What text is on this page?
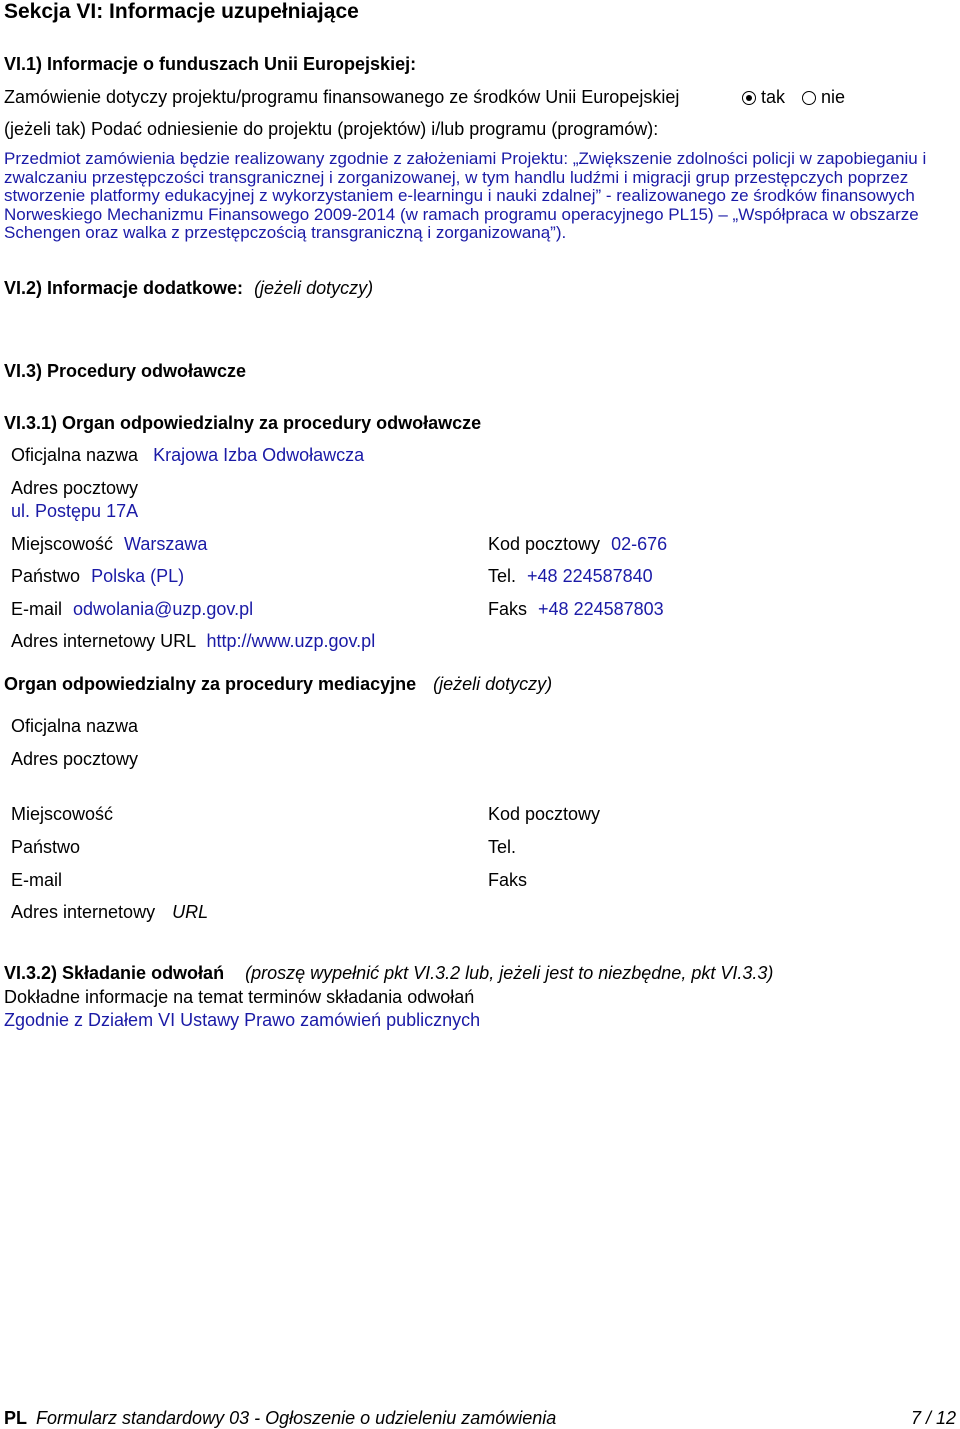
Sekcja VI: Informacje uzupełniające
VI.1) Informacje o funduszach Unii Europejskiej:
Zamówienie dotyczy projektu/programu finansowanego ze środków Unii Europejskiej	tak nie
(jeżeli tak) Podać odniesienie do projektu (projektów) i/lub programu (programów):
Przedmiot zamówienia będzie realizowany zgodnie z założeniami Projektu: „Zwiększenie zdolności policji w zapobieganiu i zwalczaniu przestępczości transgranicznej i zorganizowanej, w tym handlu ludźmi i migracji grup przestępczych poprzez stworzenie platformy edukacyjnej z wykorzystaniem e-learningu i nauki zdalnej” - realizowanego ze środków finansowych Norweskiego Mechanizmu Finansowego 2009-2014 (w ramach programu operacyjnego PL15) – „Współpraca w obszarze Schengen oraz walka z przestępczością transgraniczną i zorganizowaną”).
VI.2) Informacje dodatkowe: (jeżeli dotyczy)
VI.3) Procedury odwoławcze
VI.3.1) Organ odpowiedzialny za procedury odwoławcze
Oficjalna nazwa Krajowa Izba Odwoławcza
Adres pocztowy
ul. Postępu 17A
Miejscowość Warszawa	Kod pocztowy 02-676
Państwo Polska (PL)	Tel. +48 224587840
E-mail odwolania@uzp.gov.pl	Faks +48 224587803
Adres internetowy URL http://www.uzp.gov.pl
Organ odpowiedzialny za procedury mediacyjne (jeżeli dotyczy)
Oficjalna nazwa
Adres pocztowy
Miejscowość	Kod pocztowy
Państwo	Tel.
E-mail	Faks
Adres internetowy URL
VI.3.2) Składanie odwołań (proszę wypełnić pkt VI.3.2 lub, jeżeli jest to niezbędne, pkt VI.3.3)
Dokładne informacje na temat terminów składania odwołań
Zgodnie z Działem VI Ustawy Prawo zamówień publicznych
PL Formularz standardowy 03 - Ogłoszenie o udzieleniu zamówienia	7 / 12
